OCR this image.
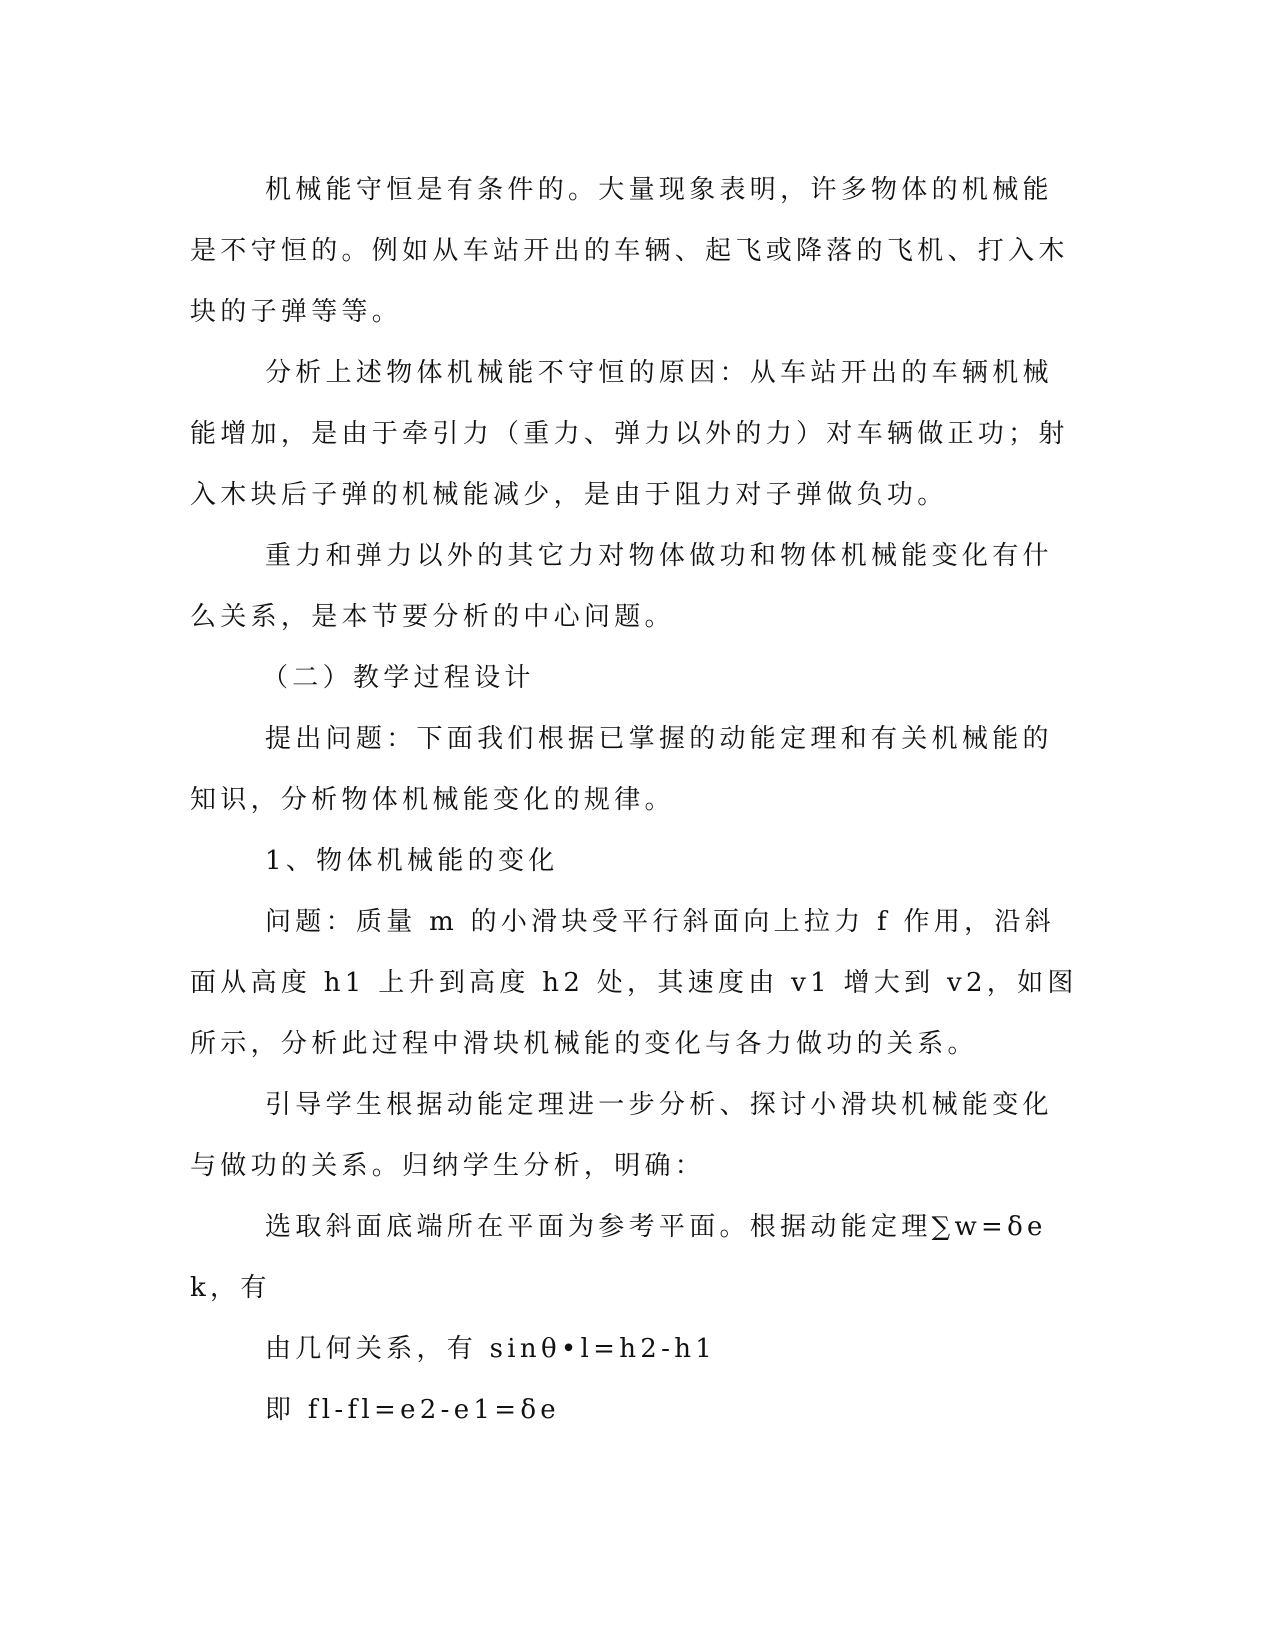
机械能守恒是有条件的。大量现象表明，许多物体的机械能是不守恒的。例如从车站开出的车辆、起飞或降落的飞机、打入木块的子弹等等。

分析上述物体机械能不守恒的原因：从车站开出的车辆机械能增加，是由于牵引力（重力、弹力以外的力）对车辆做正功；射入木块后子弹的机械能减少，是由于阻力对子弹做负功。

重力和弹力以外的其它力对物体做功和物体机械能变化有什么关系，是本节要分析的中心问题。

（二）教学过程设计

提出问题：下面我们根据已掌握的动能定理和有关机械能的知识，分析物体机械能变化的规律。

1、物体机械能的变化

问题：质量 m 的小滑块受平行斜面向上拉力 f 作用，沿斜面从高度 h1 上升到高度 h2 处，其速度由 v1 增大到 v2，如图所示，分析此过程中滑块机械能的变化与各力做功的关系。

引导学生根据动能定理进一步分析、探讨小滑块机械能变化与做功的关系。归纳学生分析，明确：

选取斜面底端所在平面为参考平面。根据动能定理∑w=δek，有

由几何关系，有 sinθ•l=h2-h1

即 fl-fl=e2-e1=δe
